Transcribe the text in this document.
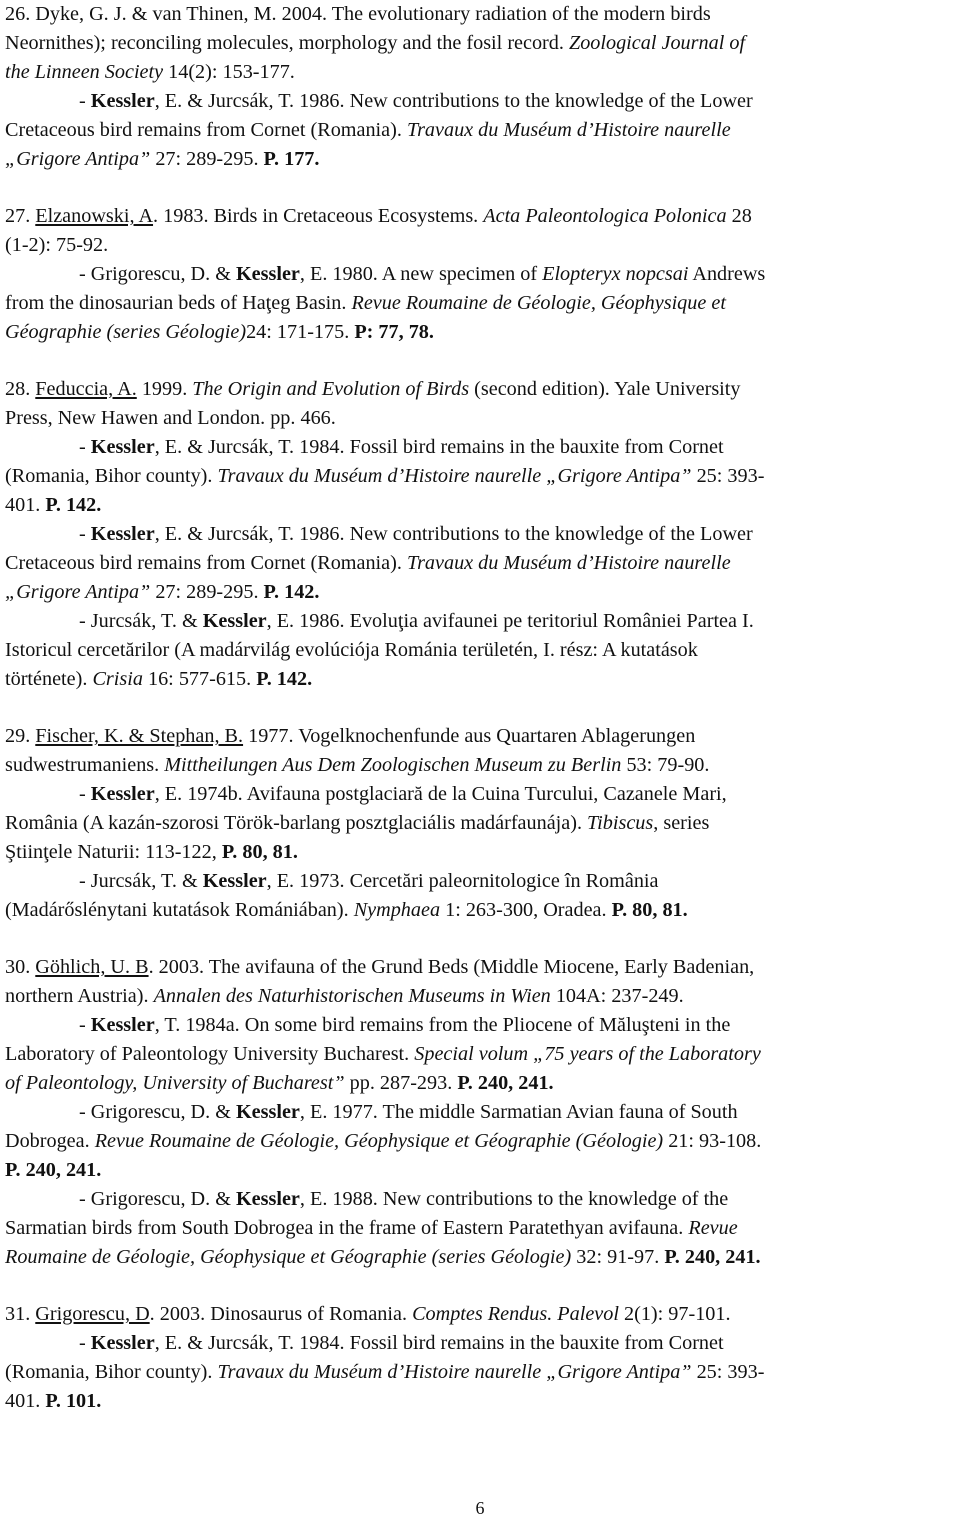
26. Dyke, G. J. & van Thinen, M. 2004. The evolutionary radiation of the modern birds
Neornithes); reconciling molecules, morphology and the fosil record. Zoological Journal of
the Linneen Society 14(2): 153-177.
- Kessler, E. & Jurcsák, T. 1986. New contributions to the knowledge of the Lower
Cretaceous bird remains from Cornet (Romania). Travaux du Muséum d’Histoire naurelle
„Grigore Antipa” 27: 289-295. P. 177.
27. Elzanowski, A. 1983. Birds in Cretaceous Ecosystems. Acta Paleontologica Polonica 28
(1-2): 75-92.
- Grigorescu, D. & Kessler, E. 1980. A new specimen of Elopteryx nopcsai Andrews
from the dinosaurian beds of Haţeg Basin. Revue Roumaine de Géologie, Géophysique et
Géographie (series Géologie)24: 171-175. P: 77, 78.
28. Feduccia, A. 1999. The Origin and Evolution of Birds (second edition). Yale University
Press, New Hawen and London. pp. 466.
- Kessler, E. & Jurcsák, T. 1984. Fossil bird remains in the bauxite from Cornet
(Romania, Bihor county). Travaux du Muséum d’Histoire naurelle „Grigore Antipa” 25: 393-
401. P. 142.
- Kessler, E. & Jurcsák, T. 1986. New contributions to the knowledge of the Lower
Cretaceous bird remains from Cornet (Romania). Travaux du Muséum d’Histoire naurelle
„Grigore Antipa” 27: 289-295. P. 142.
- Jurcsák, T. & Kessler, E. 1986. Evoluţia avifaunei pe teritoriul României Partea I.
Istoricul cercetărilor (A madárvilág evolúciója Románia területén, I. rész: A kutatások
története). Crisia 16: 577-615. P. 142.
29. Fischer, K. & Stephan, B. 1977. Vogelknochenfunde aus Quartaren Ablagerungen
sudwestrumaniens. Mittheilungen Aus Dem Zoologischen Museum zu Berlin 53: 79-90.
- Kessler, E. 1974b. Avifauna postglaciară de la Cuina Turcului, Cazanele Mari,
România (A kazán-szorosi Török-barlang posztglaciális madárfaunája). Tibiscus, series
Ştiinţele Naturii: 113-122, P. 80, 81.
- Jurcsák, T. & Kessler, E. 1973. Cercetări paleornitologice în România
(Madárőslénytani kutatások Romániában). Nymphaea 1: 263-300, Oradea. P. 80, 81.
30. Göhlich, U. B. 2003. The avifauna of the Grund Beds (Middle Miocene, Early Badenian,
northern Austria). Annalen des Naturhistorischen Museums in Wien 104A: 237-249.
- Kessler, T. 1984a. On some bird remains from the Pliocene of Măluşteni in the
Laboratory of Paleontology University Bucharest. Special volum „75 years of the Laboratory
of Paleontology, University of Bucharest” pp. 287-293. P. 240, 241.
- Grigorescu, D. & Kessler, E. 1977. The middle Sarmatian Avian fauna of South
Dobrogea. Revue Roumaine de Géologie, Géophysique et Géographie (Géologie) 21: 93-108.
P. 240, 241.
- Grigorescu, D. & Kessler, E. 1988. New contributions to the knowledge of the
Sarmatian birds from South Dobrogea in the frame of Eastern Paratethyan avifauna. Revue
Roumaine de Géologie, Géophysique et Géographie (series Géologie) 32: 91-97. P. 240, 241.
31. Grigorescu, D. 2003. Dinosaurus of Romania. Comptes Rendus. Palevol 2(1): 97-101.
- Kessler, E. & Jurcsák, T. 1984. Fossil bird remains in the bauxite from Cornet
(Romania, Bihor county). Travaux du Muséum d’Histoire naurelle „Grigore Antipa” 25: 393-
401. P. 101.
6
